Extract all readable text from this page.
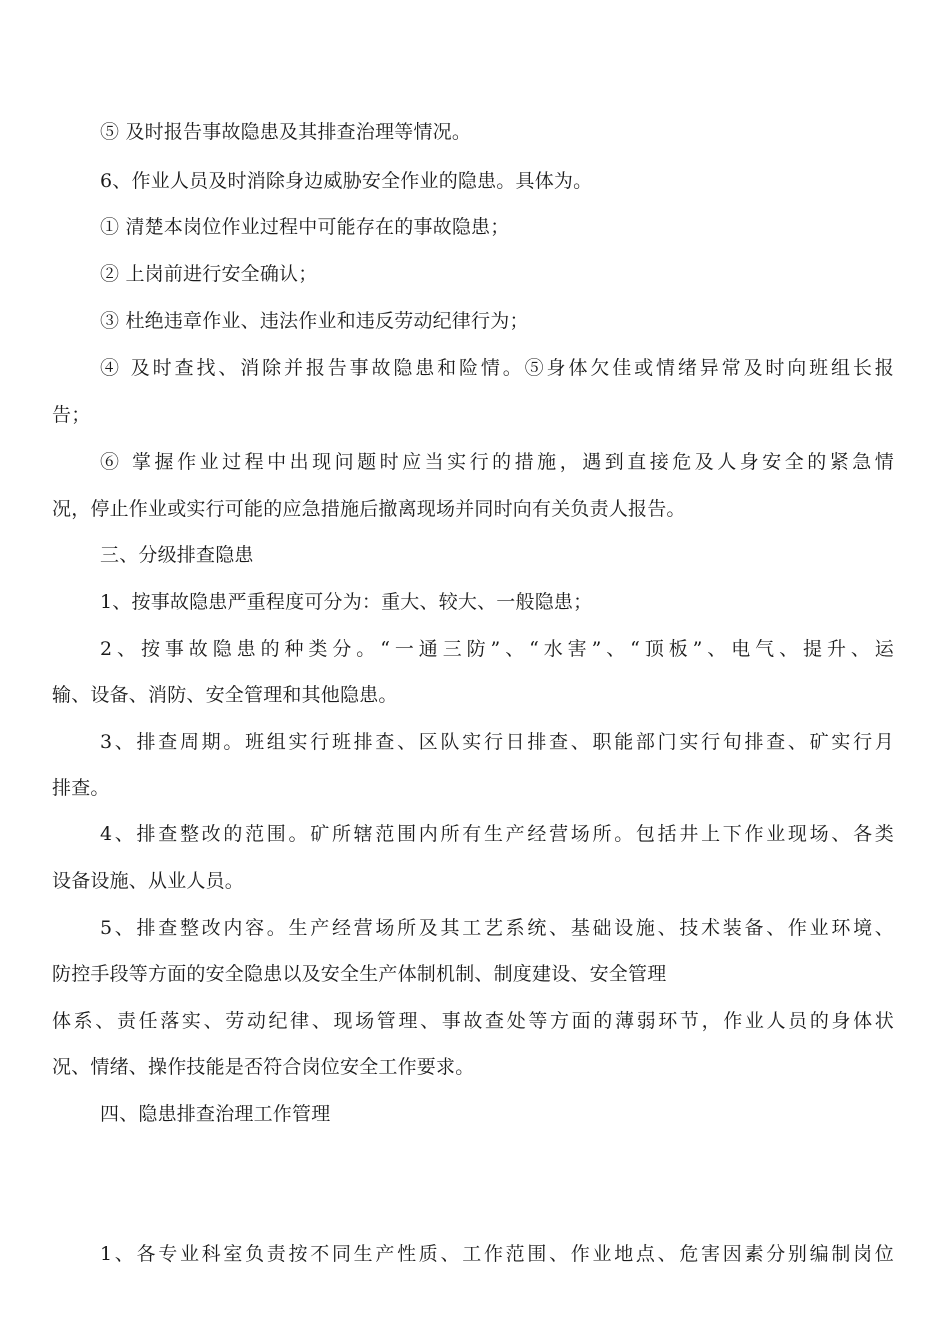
⑤ 及时报告事故隐患及其排查治理等情况。
6、作业人员及时消除身边威胁安全作业的隐患。具体为。
① 清楚本岗位作业过程中可能存在的事故隐患；
② 上岗前进行安全确认；
③ 杜绝违章作业、违法作业和违反劳动纪律行为；
④ 及时查找、消除并报告事故隐患和险情。⑤身体欠佳或情绪异常及时向班组长报
告；
⑥ 掌握作业过程中出现问题时应当实行的措施，遇到直接危及人身安全的紧急情
况，停止作业或实行可能的应急措施后撤离现场并同时向有关负责人报告。
三、分级排查隐患
1、按事故隐患严重程度可分为：重大、较大、一般隐患；
2、按事故隐患的种类分。“一通三防”、“水害”、“顶板”、电气、提升、运
输、设备、消防、安全管理和其他隐患。
3、排查周期。班组实行班排查、区队实行日排查、职能部门实行旬排查、矿实行月
排查。
4、排查整改的范围。矿所辖范围内所有生产经营场所。包括井上下作业现场、各类
设备设施、从业人员。
5、排查整改内容。生产经营场所及其工艺系统、基础设施、技术装备、作业环境、
防控手段等方面的安全隐患以及安全生产体制机制、制度建设、安全管理
体系、责任落实、劳动纪律、现场管理、事故查处等方面的薄弱环节，作业人员的身体状
况、情绪、操作技能是否符合岗位安全工作要求。
四、隐患排查治理工作管理
1、各专业科室负责按不同生产性质、工作范围、作业地点、危害因素分别编制岗位
